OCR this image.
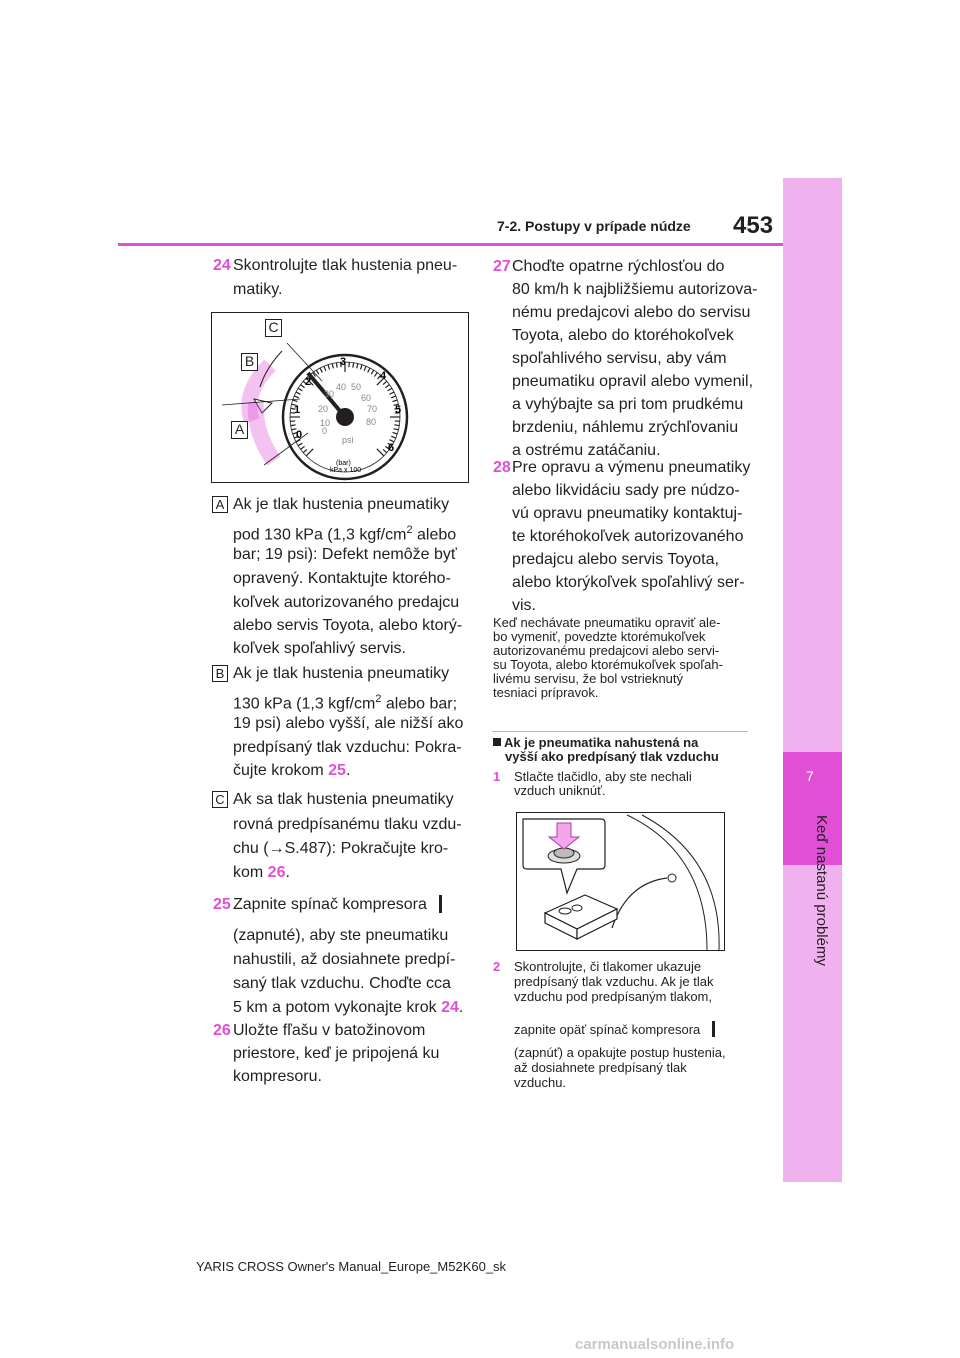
7-2. Postupy v prípade núdze 453
7
Keď nastanú problémy
24 Skontrolujte tlak hustenia pneu-
matiky.
0
1
2
3
4
5
6
0
10
20
30
40 50
60
70
80
psi
(bar)
kPa x 100
C
B
A
A Ak je tlak hustenia pneumatiky
pod 130 kPa (1,3 kgf/$cm^2$ alebo
bar; 19 psi): Defekt nemôže byť
opravený. Kontaktujte ktorého-
koľvek autorizovaného predajcu
alebo servis Toyota, alebo ktorý-
koľvek spoľahlivý servis.
B Ak je tlak hustenia pneumatiky
130 kPa (1,3 kgf/$cm^2$ alebo bar;
19 psi) alebo vyšší, ale nižší ako
predpísaný tlak vzduchu: Pokra-
čujte krokom 25.
C Ak sa tlak hustenia pneumatiky
rovná predpísanému tlaku vzdu-
chu (→S.487): Pokračujte kro-
kom 26.
25 Zapnite spínač kompresora
(zapnuté), aby ste pneumatiku
nahustili, až dosiahnete predpí-
saný tlak vzduchu. Choďte cca
5 km a potom vykonajte krok 24.
26 Uložte fľašu v batožinovom
priestore, keď je pripojená ku
kompresoru.
27 Choďte opatrne rýchlosťou do
80 km/h k najbližšiemu autorizova-
nému predajcovi alebo do servisu
Toyota, alebo do ktoréhokoľvek
spoľahlivého servisu, aby vám
pneumatiku opravil alebo vymenil,
a vyhýbajte sa pri tom prudkému
brzdeniu, náhlemu zrýchľovaniu
a ostrému zatáčaniu.
28 Pre opravu a výmenu pneumatiky
alebo likvidáciu sady pre núdzo-
vú opravu pneumatiky kontaktuj-
te ktoréhokoľvek autorizovaného
predajcu alebo servis Toyota,
alebo ktorýkoľvek spoľahlivý ser-
vis.
Keď nechávate pneumatiku opraviť ale-
bo vymeniť, povedzte ktorémukoľvek
autorizovanému predajcovi alebo servi-
su Toyota, alebo ktorémukoľvek spoľah-
livému servisu, že bol vstrieknutý
tesniaci prípravok.
Ak je pneumatika nahustená na
vyšší ako predpísaný tlak vzduchu
1 Stlačte tlačidlo, aby ste nechali
vzduch uniknúť.
2 Skontrolujte, či tlakomer ukazuje
predpísaný tlak vzduchu. Ak je tlak
vzduchu pod predpísaným tlakom,
zapnite opäť spínač kompresora
(zapnúť) a opakujte postup hustenia,
až dosiahnete predpísaný tlak
vzduchu.
YARIS CROSS Owner's Manual_Europe_M52K60_sk
carmanualsonline.info
